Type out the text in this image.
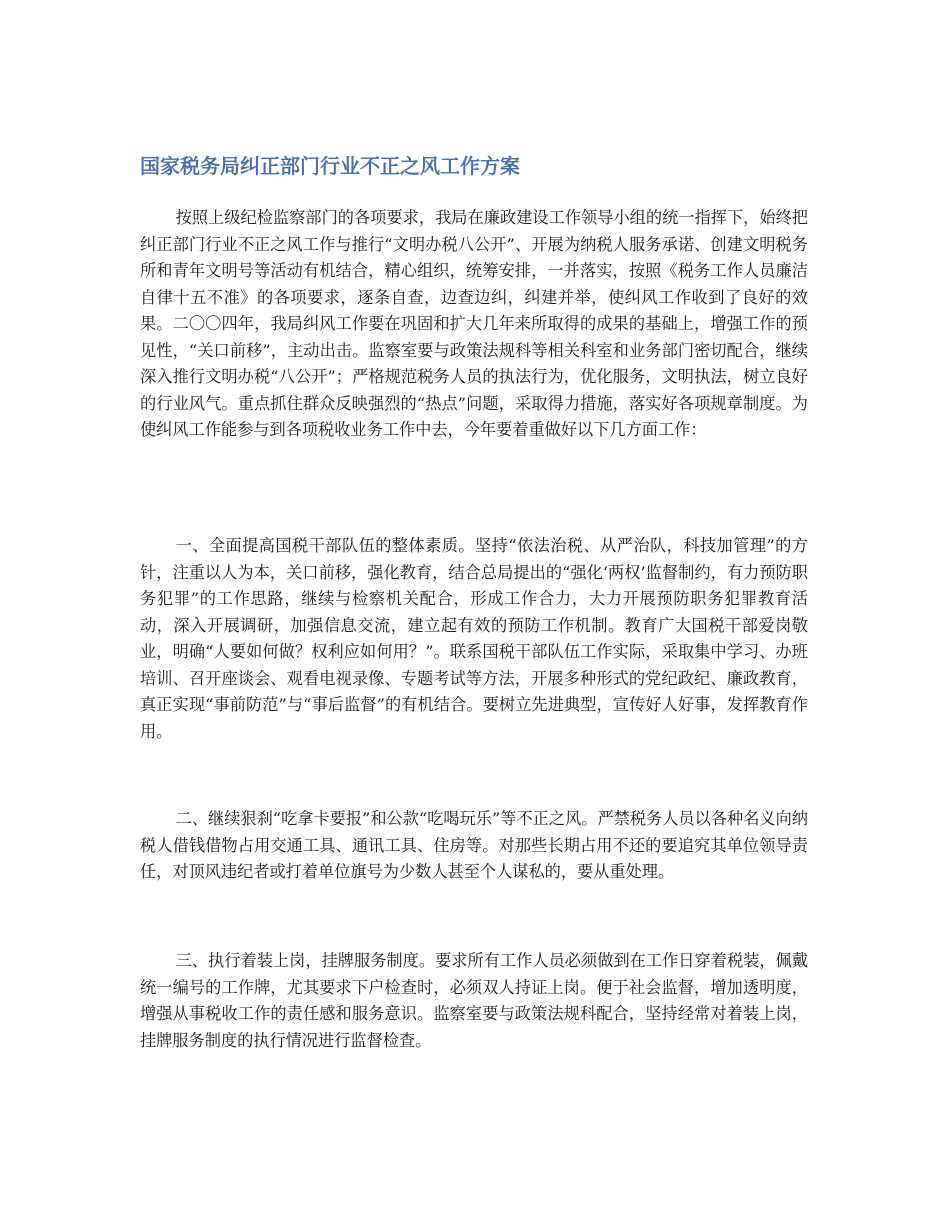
国家税务局纠正部门行业不正之风工作方案

按照上级纪检监察部门的各项要求，我局在廉政建设工作领导小组的统一指挥下，始终把纠正部门行业不正之风工作与推行“文明办税八公开”、开展为纳税人服务承诺、创建文明税务所和青年文明号等活动有机结合，精心组织，统筹安排，一并落实，按照《税务工作人员廉洁自律十五不准》的各项要求，逐条自查，边查边纠，纠建并举，使纠风工作收到了良好的效果。二〇〇四年，我局纠风工作要在巩固和扩大几年来所取得的成果的基础上，增强工作的预见性，“关口前移”，主动出击。监察室要与政策法规科等相关科室和业务部门密切配合，继续深入推行文明办税“八公开”；严格规范税务人员的执法行为，优化服务，文明执法，树立良好的行业风气。重点抓住群众反映强烈的“热点”问题，采取得力措施，落实好各项规章制度。为使纠风工作能参与到各项税收业务工作中去，今年要着重做好以下几方面工作：

一、全面提高国税干部队伍的整体素质。坚持“依法治税、从严治队，科技加管理”的方针，注重以人为本，关口前移，强化教育，结合总局提出的“强化‘两权’监督制约，有力预防职务犯罪”的工作思路，继续与检察机关配合，形成工作合力，大力开展预防职务犯罪教育活动，深入开展调研，加强信息交流，建立起有效的预防工作机制。教育广大国税干部爱岗敬业，明确“人要如何做？权利应如何用？”。联系国税干部队伍工作实际，采取集中学习、办班培训、召开座谈会、观看电视录像、专题考试等方法，开展多种形式的党纪政纪、廉政教育，真正实现“事前防范”与“事后监督”的有机结合。要树立先进典型，宣传好人好事，发挥教育作用。

二、继续狠刹“吃拿卡要报”和公款“吃喝玩乐”等不正之风。严禁税务人员以各种名义向纳税人借钱借物占用交通工具、通讯工具、住房等。对那些长期占用不还的要追究其单位领导责任，对顶风违纪者或打着单位旗号为少数人甚至个人谋私的，要从重处理。

三、执行着装上岗，挂牌服务制度。要求所有工作人员必须做到在工作日穿着税装，佩戴统一编号的工作牌，尤其要求下户检查时，必须双人持证上岗。便于社会监督，增加透明度，增强从事税收工作的责任感和服务意识。监察室要与政策法规科配合，坚持经常对着装上岗，挂牌服务制度的执行情况进行监督检查。
